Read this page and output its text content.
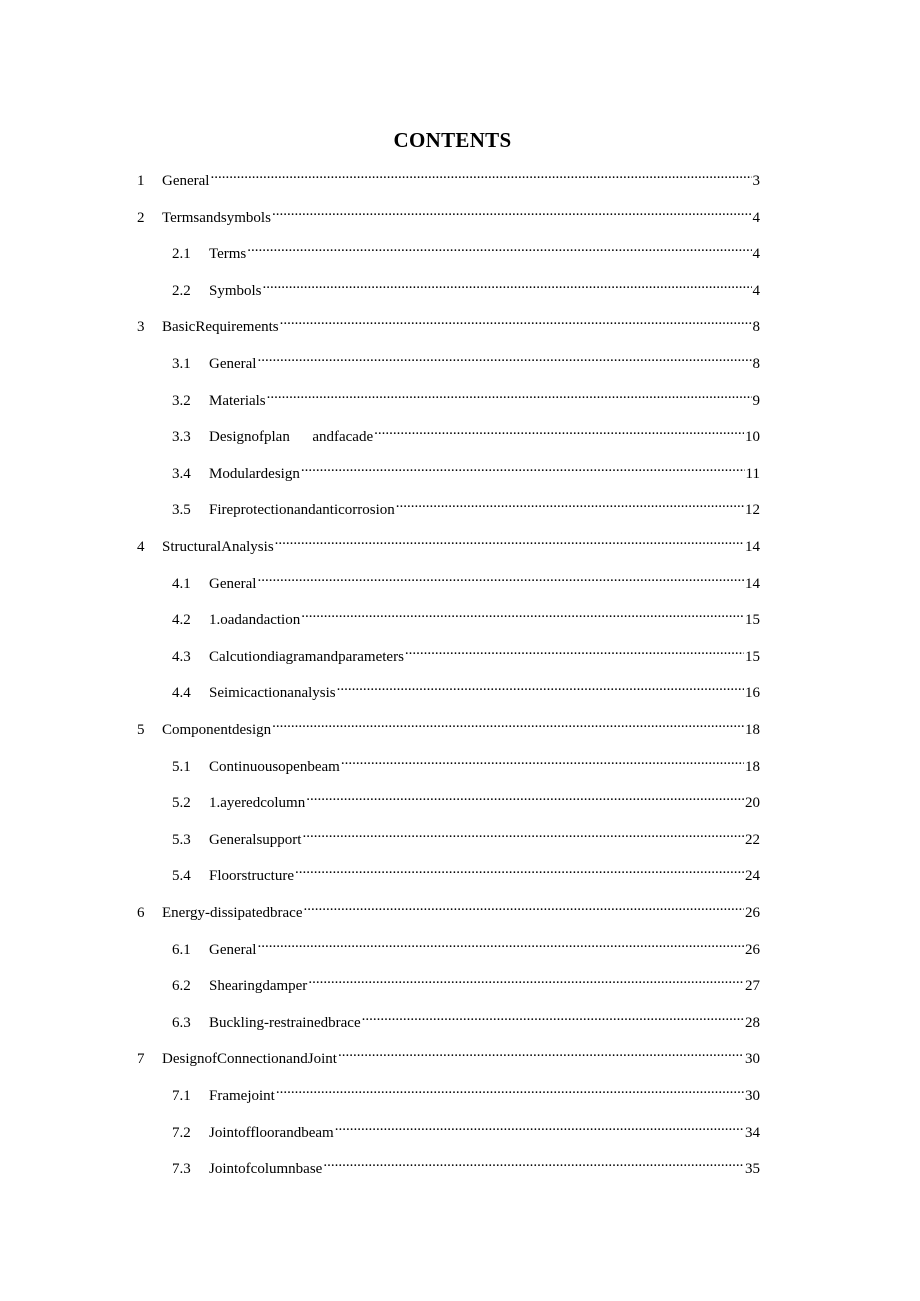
CONTENTS
1	General .....	3
2	Termsandsymbols .....	4
2.1	Terms .....	4
2.2	Symbols .....	4
3	BasicRequirements .....	8
3.1	General .....	8
3.2	Materials .....	9
3.3	Designofplan      andfacade .....	10
3.4	Modulardesign .....	11
3.5	Fireprotectionandanticorrosion .....	12
4	StructuralAnalysis .....	14
4.1	General .....	14
4.2	1.oadandaction .....	15
4.3	Calcutiondiagramandparameters .....	15
4.4	Seimicactionanalysis .....	16
5	Componentdesign .....	18
5.1	Continuousopenbeam .....	18
5.2	1.ayeredcolumn .....	20
5.3	Generalsupport .....	22
5.4	Floorstructure .....	24
6	Energy-dissipatedbrace .....	26
6.1	General .....	26
6.2	Shearingdamper .....	27
6.3	Buckling-restrainedbrace .....	28
7	DesignofConnectionandJoint .....	30
7.1	Framejoint .....	30
7.2	Jointoffloorandbeam .....	34
7.3	Jointofcolumnbase .....	35
